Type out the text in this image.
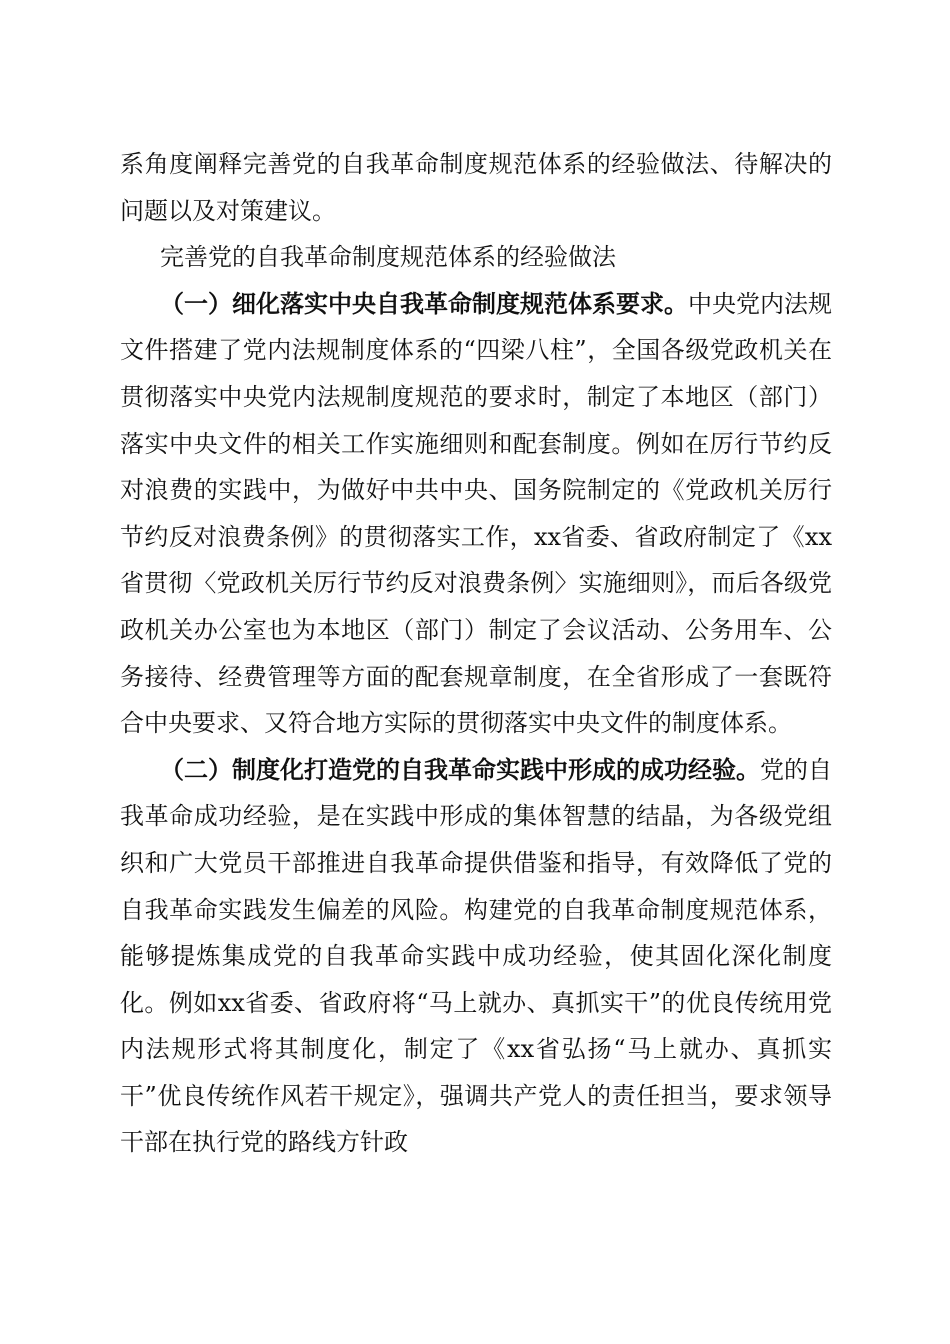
系角度阐释完善党的自我革命制度规范体系的经验做法、待解决的问题以及对策建议。

完善党的自我革命制度规范体系的经验做法

（一）细化落实中央自我革命制度规范体系要求。中央党内法规文件搭建了党内法规制度体系的“四梁八柱”，全国各级党政机关在贯彻落实中央党内法规制度规范的要求时，制定了本地区（部门）落实中央文件的相关工作实施细则和配套制度。例如在厉行节约反对浪费的实践中，为做好中共中央、国务院制定的《党政机关厉行节约反对浪费条例》的贯彻落实工作，xx省委、省政府制定了《xx省贯彻〈党政机关厉行节约反对浪费条例〉实施细则》，而后各级党政机关办公室也为本地区（部门）制定了会议活动、公务用车、公务接待、经费管理等方面的配套规章制度，在全省形成了一套既符合中央要求、又符合地方实际的贯彻落实中央文件的制度体系。

（二）制度化打造党的自我革命实践中形成的成功经验。党的自我革命成功经验，是在实践中形成的集体智慧的结晶，为各级党组织和广大党员干部推进自我革命提供借鉴和指导，有效降低了党的自我革命实践发生偏差的风险。构建党的自我革命制度规范体系，能够提炼集成党的自我革命实践中成功经验，使其固化深化制度化。例如xx省委、省政府将“马上就办、真抓实干”的优良传统用党内法规形式将其制度化，制定了《xx省弘扬“马上就办、真抓实干”优良传统作风若干规定》，强调共产党人的责任担当，要求领导干部在执行党的路线方针政
